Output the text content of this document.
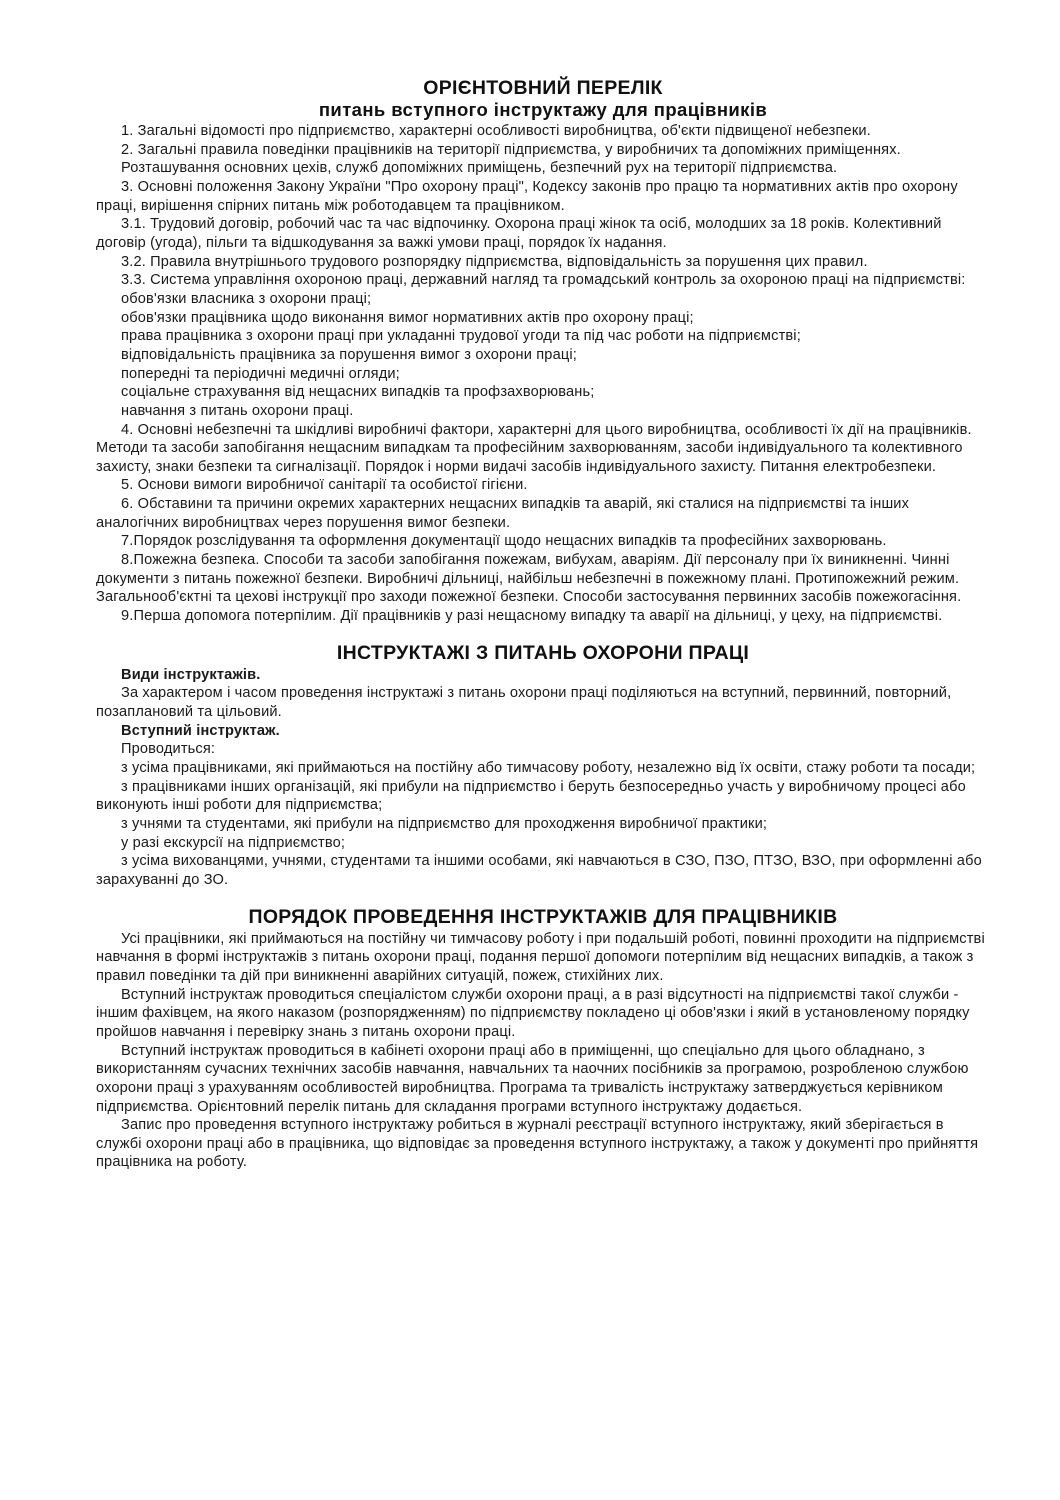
ОРІЄНТОВНИЙ ПЕРЕЛІК
питань вступного інструктажу для працівників

1. Загальні відомості про підприємство, характерні особливості виробництва, об'єкти підвищеної небезпеки.

2. Загальні правила поведінки працівників на території підприємства, у виробничих та допоміжних приміщеннях.

Розташування основних цехів, служб допоміжних приміщень, безпечний рух на території підприємства.

3. Основні положення Закону України "Про охорону праці", Кодексу законів про працю та нормативних актів про охорону праці, вирішення спірних питань між роботодавцем та працівником.

3.1. Трудовий договір, робочий час та час відпочинку. Охорона праці жінок та осіб, молодших за 18 років. Колективний договір (угода), пільги та відшкодування за важкі умови праці, порядок їх надання.

3.2. Правила внутрішнього трудового розпорядку підприємства, відповідальність за порушення цих правил.

3.3. Система управління охороною праці, державний нагляд та громадський контроль за охороною праці на підприємстві:

обов'язки власника з охорони праці;

обов'язки працівника щодо виконання вимог нормативних актів про охорону праці;

права працівника з охорони праці при укладанні трудової угоди та під час роботи на підприємстві;

відповідальність працівника за порушення вимог з охорони праці;

попередні та періодичні медичні огляди;

соціальне страхування від нещасних випадків та профзахворювань;

навчання з питань охорони праці.

4. Основні небезпечні та шкідливі виробничі фактори, характерні для цього виробництва, особливості їх дії на працівників. Методи та засоби запобігання нещасним випадкам та професійним захворюванням, засоби індивідуального та колективного захисту, знаки безпеки та сигналізації. Порядок і норми видачі засобів індивідуального захисту. Питання електробезпеки.

5. Основи вимоги виробничої санітарії та особистої гігієни.

6. Обставини та причини окремих характерних нещасних випадків та аварій, які сталися на підприємстві та інших аналогічних виробництвах через порушення вимог безпеки.

7.Порядок розслідування та оформлення документації щодо нещасних випадків та професійних захворювань.

8.Пожежна безпека. Способи та засоби запобігання пожежам, вибухам, аваріям. Дії персоналу при їх виникненні. Чинні документи з питань пожежної безпеки. Виробничі дільниці, найбільш небезпечні в пожежному плані. Протипожежний режим. Загальнооб'єктні та цехові інструкції про заходи пожежної безпеки. Способи застосування первинних засобів пожежогасіння.

9.Перша допомога потерпілим. Дії працівників у разі нещасному випадку та аварії на дільниці, у цеху, на підприємстві.

ІНСТРУКТАЖІ З ПИТАНЬ ОХОРОНИ ПРАЦІ

Види інструктажів.

За характером і часом проведення інструктажі з питань охорони праці поділяються на вступний, первинний, повторний, позаплановий та цільовий.

Вступний інструктаж.

Проводиться:

з усіма працівниками, які приймаються на постійну або тимчасову роботу, незалежно від їх освіти, стажу роботи та посади;

з працівниками інших організацій, які прибули на підприємство і беруть безпосередньо участь у виробничому процесі або виконують інші роботи для підприємства;

з учнями та студентами, які прибули на підприємство для проходження виробничої практики;

у разі екскурсії на підприємство;

з усіма вихованцями, учнями, студентами та іншими особами, які навчаються в СЗО, ПЗО, ПТЗО, ВЗО, при оформленні або зарахуванні до ЗО.

ПОРЯДОК ПРОВЕДЕННЯ ІНСТРУКТАЖІВ ДЛЯ ПРАЦІВНИКІВ

Усі працівники, які приймаються на постійну чи тимчасову роботу і при подальшій роботі, повинні проходити на підприємстві навчання в формі інструктажів з питань охорони праці, подання першої допомоги потерпілим від нещасних випадків, а також з правил поведінки та дій при виникненні аварійних ситуацій, пожеж, стихійних лих.

Вступний інструктаж проводиться спеціалістом служби охорони праці, а в разі відсутності на підприємстві такої служби - іншим фахівцем, на якого наказом (розпорядженням) по підприємству покладено ці обов'язки і який в установленому порядку пройшов навчання і перевірку знань з питань охорони праці.

Вступний інструктаж проводиться в кабінеті охорони праці або в приміщенні, що спеціально для цього обладнано, з використанням сучасних технічних засобів навчання, навчальних та наочних посібників за програмою, розробленою службою охорони праці з урахуванням особливостей виробництва. Програма та тривалість інструктажу затверджується керівником підприємства. Орієнтовний перелік питань для складання програми вступного інструктажу додається.

Запис про проведення вступного інструктажу робиться в журналі реєстрації вступного інструктажу, який зберігається в службі охорони праці або в працівника, що відповідає за проведення вступного інструктажу, а також у документі про прийняття працівника на роботу.
